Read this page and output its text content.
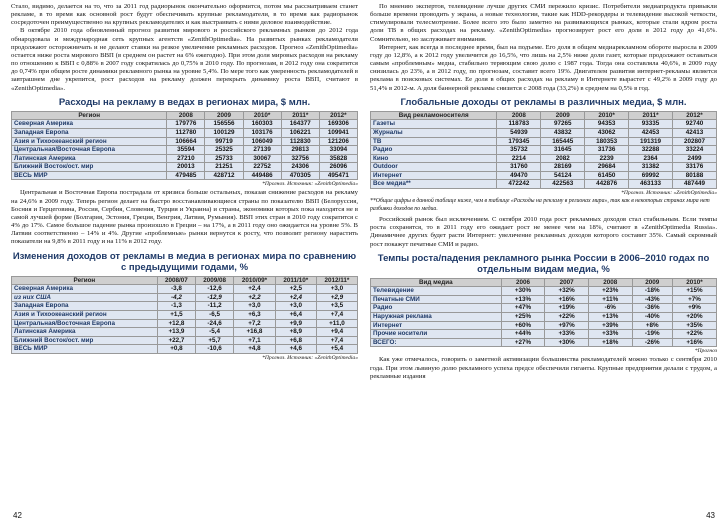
Стало, видимо, делается на то, что за 2011 год радиорынок окончательно оформится, потом мы рассматриваем станет рекламе, в то время как основной рост будут обеспечивать крупные рекламодатели, в то время как радиорынок сосредоточен преимущественно на крупных рекламодателях и как выстраивать с ними деловое взаимодействие.

В октябре 2010 года обновленный прогноз развития мирового и российского рекламных рынков до 2012 года обнародовала и международная сеть крупных агентств «ZenithOptimedia». На развитых рынках рекламодатели продолжают осторожничать и не делают ставки на резкое увеличение рекламных расходов. Прогноз «ZenithOptimedia» остается ниже роста мирового ВВП (в среднем он растет на 6% ежегодно). При этом доля мировых расходов на рекламу по отношению к ВВП с 0,88% в 2007 году сократилась до 0,75% в 2010 году. По прогнозам, в 2012 году она сократится до 0,74% при общем росте динамики рекламного рынка на уровне 5,4%. По мере того как уверенность рекламодателей в завтрашнем дне укрепится, рост расходов на рекламу должен перекрыть динамику роста ВВП, считают в «ZenithOptimedia».

Расходы на рекламу в ведах в регионах мира, $ млн.

Регион	2008	2009	2010*	2011*	2012*
Северная Америка	179776	156556	160303	164377	169306
Западная Европа	112780	100129	103176	106221	109941
Азия и Тихоокеанский регион	106664	99719	106049	112830	121206
Центральная/Восточная Европа	35594	25325	27139	29813	33094
Латинская Америка	27210	25733	30067	32756	35828
Ближний Восток/ост. мир	20013	21251	22752	24306	26096
ВЕСЬ МИР	479485	428712	449486	470305	495471

*Прогноз. Источник: «ZenithOptimedia»

Центральная и Восточная Европа пострадала от кризиса больше остальных, показав снижение расходов на рекламу на 24,6% в 2009 году. Теперь регион делает на быстро восстанавливающиеся страны по показателю ВВП (Белоруссия, Босния и Герцеговина, Россия, Сербия, Словения, Турция и Украина) и страны, экономики которых пока находятся не в самой лучшей форме (Болгария, Эстония, Греция, Венгрия, Латвия, Румыния). ВВП этих стран в 2010 году сократится с 4% до 17%. Самое большое падение рынка произошло в Греции – на 17%, а в 2011 году оно ожидается на уровне 5%. В Латвии соответственно – 14% и 4%. Другие «проблемные» рынки вернутся к росту, что позволит региону нарастить показатели на 9,8% в 2011 году и на 11% в 2012 году.

Изменения доходов от рекламы в медиа в регионах мира по сравнению с предыдущими годами, %

Регион	2008/07	2009/08	2010/09*	2011/10*	2012/11*
Северная Америка	-3,8	-12,6	+2,4	+2,5	+3,0
из них США	-4,2	-12,9	+2,2	+2,4	+2,9
Западная Европа	-1,3	-11,2	+3,0	+3,0	+3,5
Азия и Тихоокеанский регион	+1,5	-6,5	+6,3	+6,4	+7,4
Центральная/Восточная Европа	+12,8	-24,6	+7,2	+9,9	+11,0
Латинская Америка	+13,9	-5,4	+16,8	+8,9	+9,4
Ближний Восток/ост. мир	+22,7	+5,7	+7,1	+6,8	+7,4
ВЕСЬ МИР	+0,8	-10,6	+4,8	+4,6	+5,4

*Прогноз. Источник: «ZenithOptimedia»

42

По мнению экспертов, телевидение лучше других СМИ пережило кризис. Потребители медиапродукта привыкли больше времени проводить у экрана, а новые технологии, такие как HDD-рекордеры и телевидение высокой четкости, стимулировали телесмотрение. Более всего это было заметно на развивающихся рынках, которые стали ядром роста доли ТВ в общих расходах на рекламу. «ZenithOptimedia» прогнозирует рост его доли в 2012 году до 41,6%. Сомнительно, но заслуживает внимания.

Интернет, как всегда в последнее время, был на подъеме. Его доля в общем медиарекламном обороте выросла в 2009 году до 12,8%, а к 2012 году увеличится до 16,5%, что лишь на 2,5% ниже доли газет, которые продолжают оставаться самым «проблемным» медиа, стабильно теряющим свою долю с 1987 года. Тогда она составляла 40,6%, в 2009 году снизилась до 23%, а в 2012 году, по прогнозам, составит всего 19%. Двигателем развития интернет-рекламы является реклама в поисковых системах. Ее доля в общих расходах на рекламу в Интернете вырастет с 49,2% в 2009 году до 51,4% в 2012-м. А доля баннерной рекламы снизится с 2008 года (33,2%) в среднем на 0,5% в год.

Глобальные доходы от рекламы в различных медиа, $ млн.

Вид рекламоносителя	2008	2009	2010*	2011*	2012*
Газеты	118783	97265	94353	93335	92740
Журналы	54939	43832	43062	42453	42413
ТВ	179345	165445	180353	191319	202807
Радио	35732	31645	31736	32288	33224
Кино	2214	2082	2239	2364	2499
Outdoor	31760	28169	29684	31382	33176
Интернет	49470	54124	61450	69992	80188
Все медиа**	472242	422563	442876	463133	487449

*Прогноз. Источник: «ZenithOptimedia»

**Общие цифры в данной таблице ниже, чем в таблице «Расходы на рекламу в регионах мира», так как в некоторых странах мира нет разбивки доходов по медиа.

Российский рынок был исключением. С октября 2010 года рост рекламных доходов стал стабильным. Если темпы роста сохранятся, то в 2011 году его ожидает рост не менее чем на 18%, считают в «ZenithOptimedia Russia». Динамичнее других будет расти Интернет: увеличение рекламных доходов которого составит 35%. Самый скромный рост покажут печатные СМИ и радио.

Темпы роста/падения рекламного рынка России в 2006–2010 годах по отдельным видам медиа, %

Вид медиа	2006	2007	2008	2009	2010*
Телевидение	+30%	+32%	+23%	-18%	+15%
Печатные СМИ	+13%	+16%	+11%	-43%	+7%
Радио	+47%	+19%	-6%	-36%	+9%
Наружная реклама	+25%	+22%	+13%	-40%	+20%
Интернет	+60%	+97%	+39%	+8%	+35%
Прочие носители	+44%	+33%	+33%	-19%	+22%
ВСЕГО:	+27%	+30%	+18%	-26%	+16%

*Прогноз

Как уже отмечалось, говорить о заметной активизации большинства рекламодателей можно только с сентября 2010 года. При этом львиную долю рекламного успеха предсе обеспечили гиганты. Крупные предприятия делали с трудом, а рекламные издания

43
